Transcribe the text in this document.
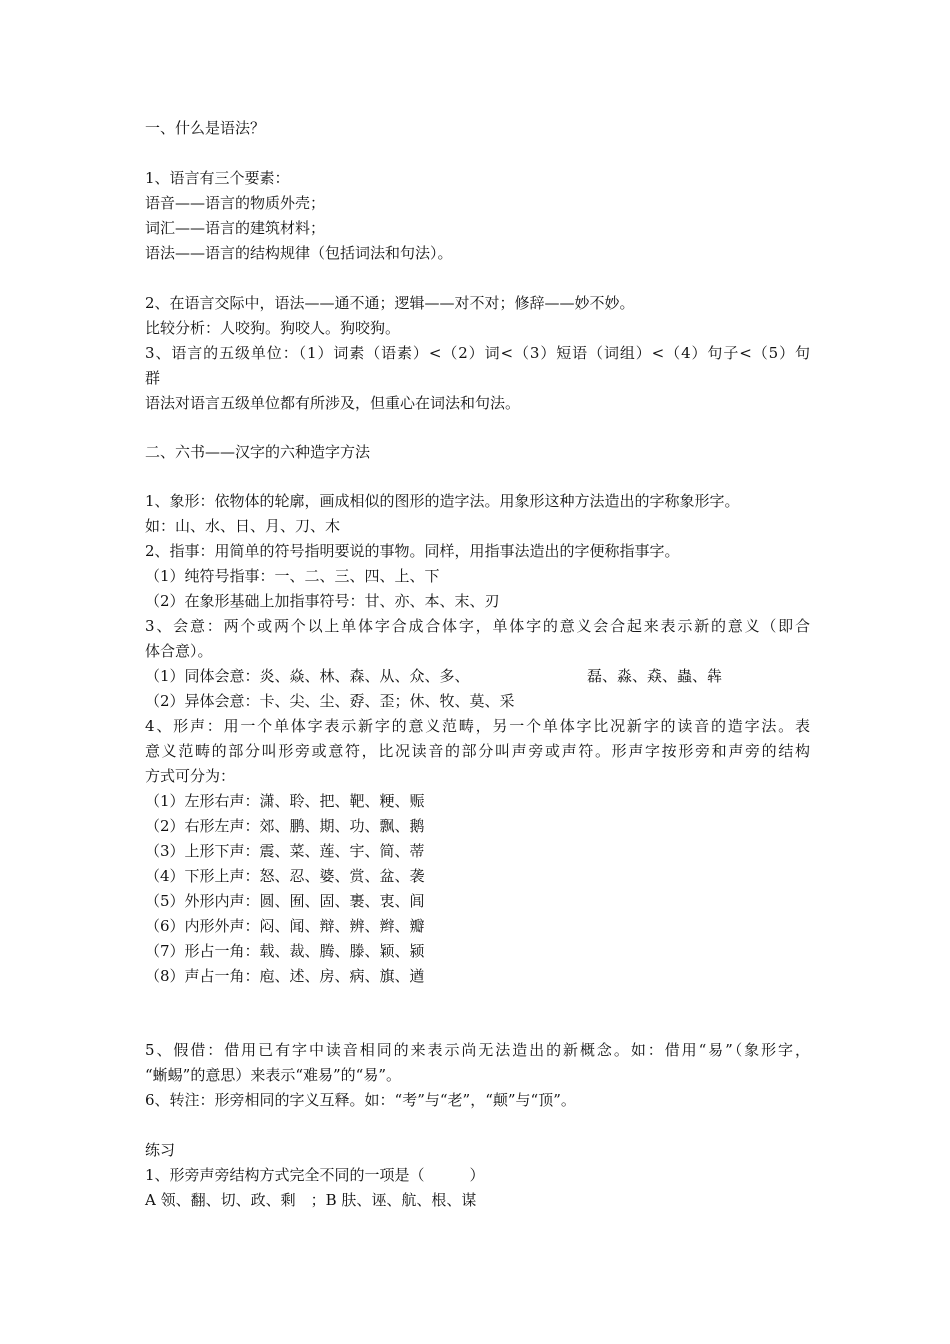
一、什么是语法？
1、语言有三个要素：
语音——语言的物质外壳；
词汇——语言的建筑材料；
语法——语言的结构规律（包括词法和句法）。
2、在语言交际中，语法——通不通；逻辑——对不对；修辞——妙不妙。
比较分析：人咬狗。狗咬人。狗咬狗。
3、语言的五级单位：（1）词素（语素）<（2）词<（3）短语（词组）<（4）句子<（5）句
群
语法对语言五级单位都有所涉及，但重心在词法和句法。
二、六书——汉字的六种造字方法
1、象形：依物体的轮廓，画成相似的图形的造字法。用象形这种方法造出的字称象形字。
如：山、水、日、月、刀、木
2、指事：用简单的符号指明要说的事物。同样，用指事法造出的字便称指事字。
（1）纯符号指事：一、二、三、四、上、下
（2）在象形基础上加指事符号：甘、亦、本、末、刃
3、会意：两个或两个以上单体字合成合体字，单体字的意义会合起来表示新的意义（即合
体合意）。
（1）同体会意：炎、焱、林、森、从、众、多、	磊、淼、猋、蟲、犇
（2）异体会意：卡、尖、尘、孬、歪；休、牧、莫、采
4、形声：用一个单体字表示新字的意义范畴，另一个单体字比况新字的读音的造字法。表
意义范畴的部分叫形旁或意符，比况读音的部分叫声旁或声符。形声字按形旁和声旁的结构
方式可分为：
（1）左形右声：潇、聆、把、靶、粳、赈
（2）右形左声：郊、鹏、期、功、飘、鹅
（3）上形下声：震、菜、莲、宇、简、蒂
（4）下形上声：怒、忍、婆、赏、盆、袭
（5）外形内声：圆、囿、固、裹、衷、闾
（6）内形外声：闷、闻、辩、辨、辫、瓣
（7）形占一角：载、裁、腾、滕、颖、颍
（8）声占一角：庖、述、房、病、旗、遒
5、假借：借用已有字中读音相同的来表示尚无法造出的新概念。如：借用“易”（象形字，
“蜥蜴”的意思）来表示“难易”的“易”。
6、转注：形旁相同的字义互释。如：“考”与“老”，“颠”与“顶”。
练习
1、形旁声旁结构方式完全不同的一项是（　　　）
A 领、翻、切、政、剩　；B 肤、诬、航、根、谋
